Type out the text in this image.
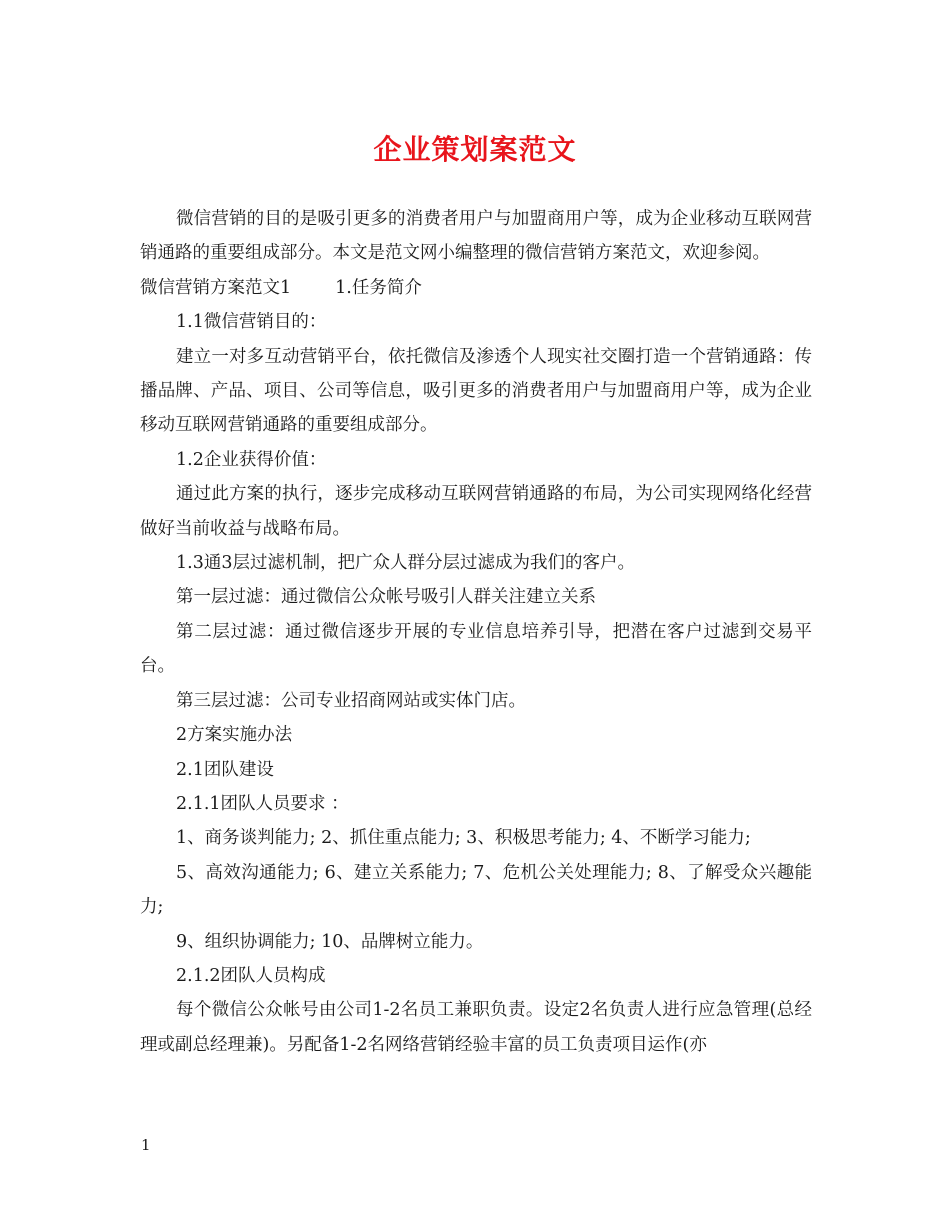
企业策划案范文

微信营销的目的是吸引更多的消费者用户与加盟商用户等，成为企业移动互联网营销通路的重要组成部分。本文是范文网小编整理的微信营销方案范文，欢迎参阅。

微信营销方案范文1	1.任务简介

1.1微信营销目的：

建立一对多互动营销平台，依托微信及渗透个人现实社交圈打造一个营销通路：传播品牌、产品、项目、公司等信息，吸引更多的消费者用户与加盟商用户等，成为企业移动互联网营销通路的重要组成部分。

1.2企业获得价值：

通过此方案的执行，逐步完成移动互联网营销通路的布局，为公司实现网络化经营做好当前收益与战略布局。

1.3通3层过滤机制，把广众人群分层过滤成为我们的客户。

第一层过滤：通过微信公众帐号吸引人群关注建立关系

第二层过滤：通过微信逐步开展的专业信息培养引导，把潜在客户过滤到交易平台。

第三层过滤：公司专业招商网站或实体门店。

2方案实施办法

2.1团队建设

2.1.1团队人员要求 ：

1、商务谈判能力; 2、抓住重点能力; 3、积极思考能力; 4、不断学习能力;

5、高效沟通能力; 6、建立关系能力; 7、危机公关处理能力; 8、了解受众兴趣能力;

9、组织协调能力; 10、品牌树立能力。

2.1.2团队人员构成

每个微信公众帐号由公司1-2名员工兼职负责。设定2名负责人进行应急管理(总经理或副总经理兼)。另配备1-2名网络营销经验丰富的员工负责项目运作(亦

1
